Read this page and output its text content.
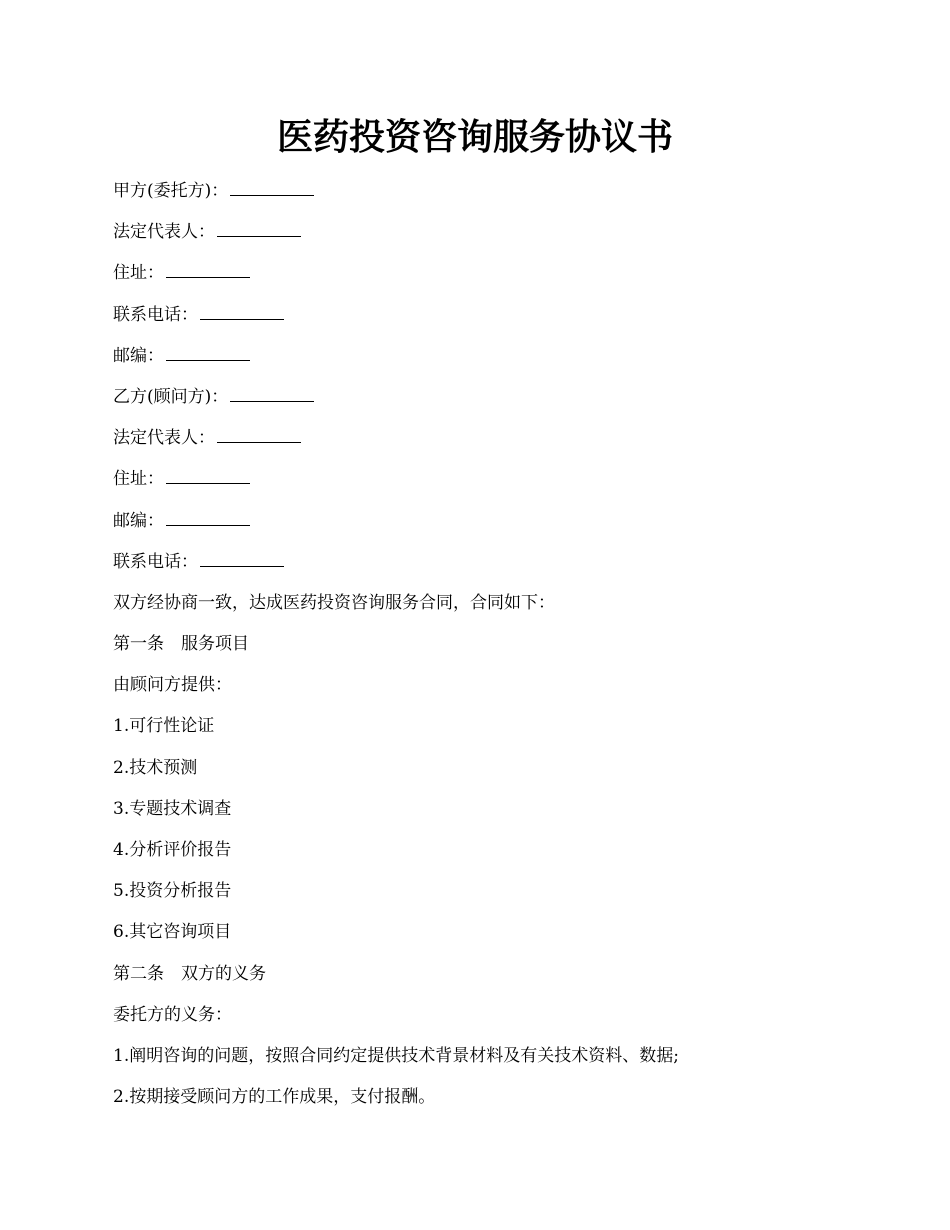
医药投资咨询服务协议书
甲方(委托方)：
法定代表人：
住址：
联系电话：
邮编：
乙方(顾问方)：
法定代表人：
住址：
邮编：
联系电话：
双方经协商一致，达成医药投资咨询服务合同，合同如下：
第一条　服务项目
由顾问方提供：
1.可行性论证
2.技术预测
3.专题技术调查
4.分析评价报告
5.投资分析报告
6.其它咨询项目
第二条　双方的义务
委托方的义务：
1.阐明咨询的问题，按照合同约定提供技术背景材料及有关技术资料、数据;
2.按期接受顾问方的工作成果，支付报酬。
